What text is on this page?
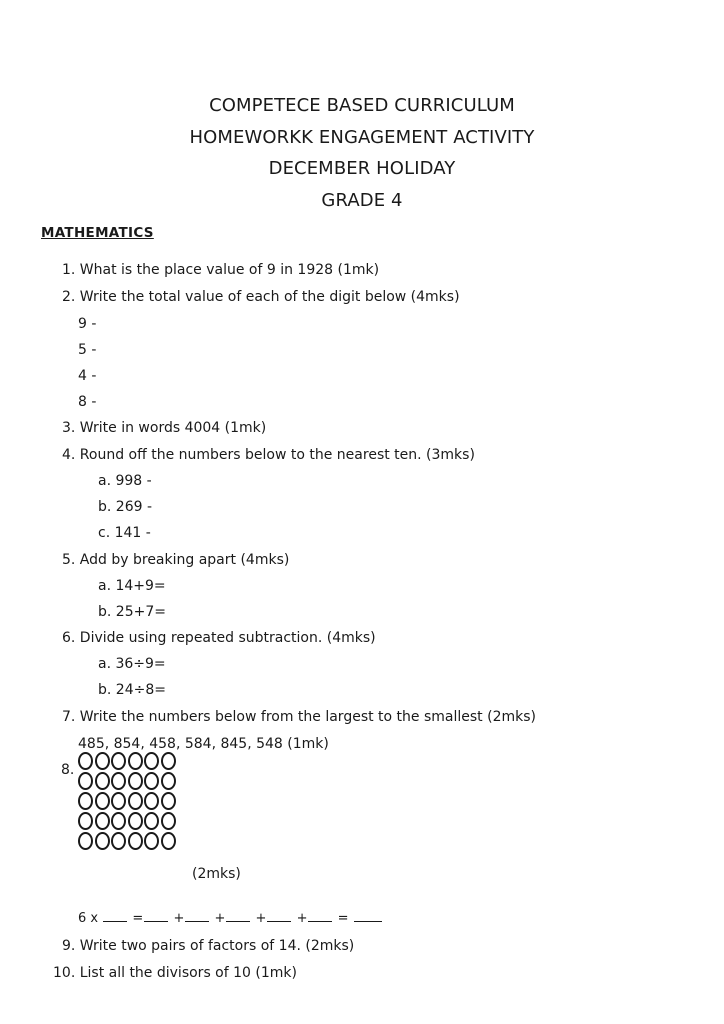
COMPETECE BASED CURRICULUM
HOMEWORKK ENGAGEMENT ACTIVITY
DECEMBER HOLIDAY
GRADE 4
MATHEMATICS
1. What is the place value of 9 in 1928 (1mk)
2. Write the total value of each of the digit below (4mks)
9 -
5 -
4 -
8 -
3. Write in words 4004 (1mk)
4. Round off the numbers below to the nearest ten. (3mks)
a. 998 -
b. 269 -
c. 141 -
5. Add by breaking apart (4mks)
a. 14+9=
b. 25+7=
6. Divide using repeated subtraction. (4mks)
a. 36÷9=
b. 24÷8=
7. Write the numbers below from the largest to the smallest (2mks)
485, 854, 458, 584, 845, 548 (1mk)
8.
(2mks)
6 x	= + + + + =
9. Write two pairs of factors of 14. (2mks)
10. List all the divisors of 10 (1mk)
